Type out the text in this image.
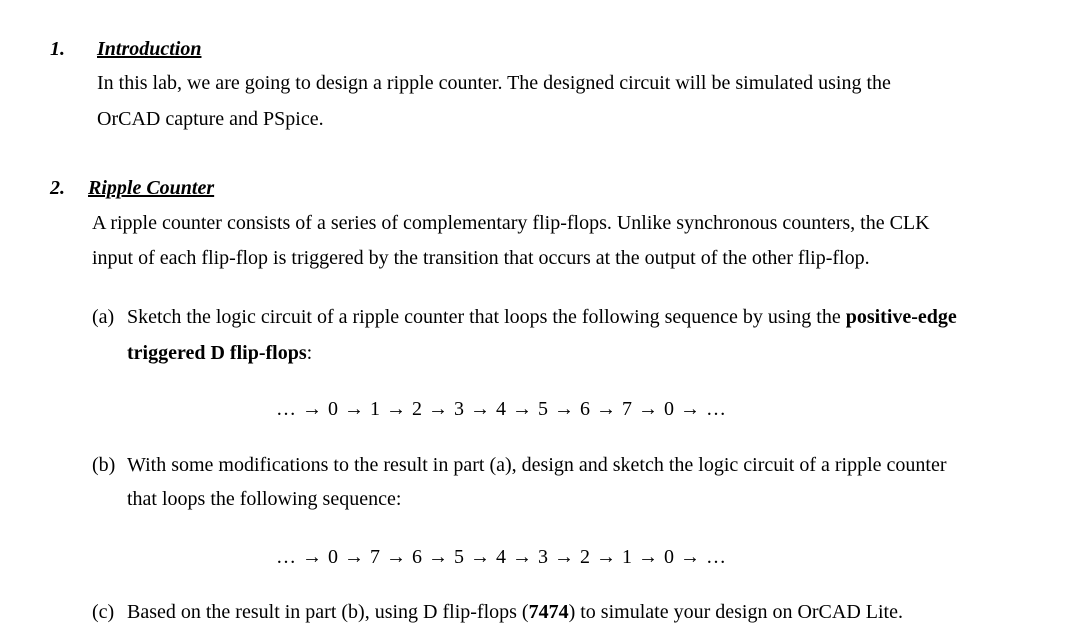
1. Introduction
In this lab, we are going to design a ripple counter. The designed circuit will be simulated using the
OrCAD capture and PSpice.
2. Ripple Counter
A ripple counter consists of a series of complementary flip-flops. Unlike synchronous counters, the CLK
input of each flip-flop is triggered by the transition that occurs at the output of the other flip-flop.
(a) Sketch the logic circuit of a ripple counter that loops the following sequence by using the positive-edge
triggered D flip-flops:
… → 0 → 1 → 2 → 3 → 4 → 5 → 6 → 7 → 0 → …
(b) With some modifications to the result in part (a), design and sketch the logic circuit of a ripple counter
that loops the following sequence:
… → 0 → 7 → 6 → 5 → 4 → 3 → 2 → 1 → 0 → …
(c) Based on the result in part (b), using D flip-flops (7474) to simulate your design on OrCAD Lite.
